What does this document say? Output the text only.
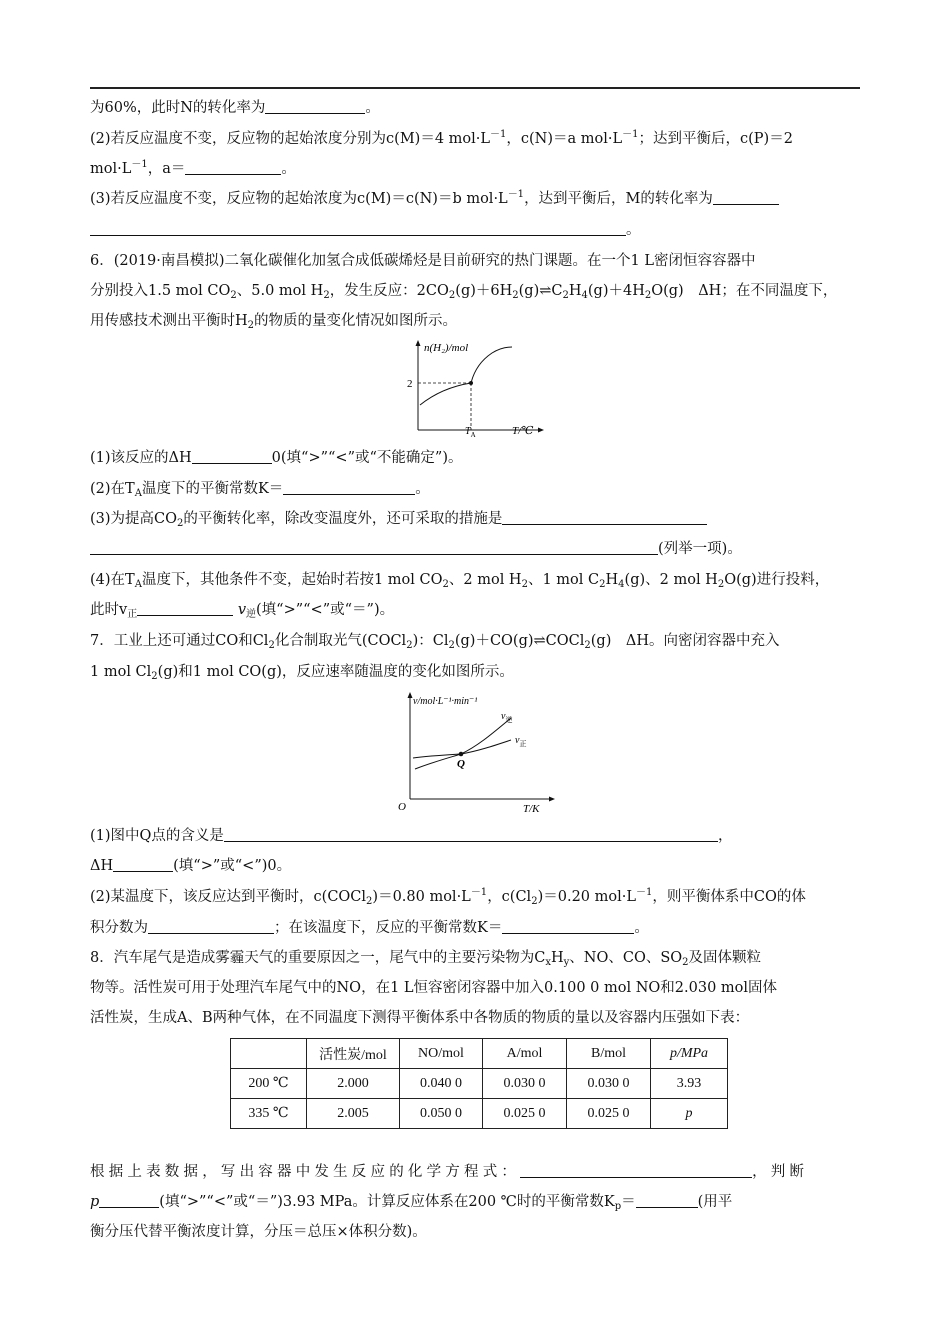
为60%，此时N的转化率为	。
(2)若反应温度不变，反应物的起始浓度分别为c(M)＝4 $mol\cdot L^{-1}$，c(N)＝a $mol\cdot L^{-1}$；达到平衡后，c(P)＝2
$mol\cdot L^{-1}$，a＝	。
(3)若反应温度不变，反应物的起始浓度为c(M)＝c(N)＝b $mol\cdot L^{-1}$，达到平衡后，M的转化率为
。
6．(2019·南昌模拟)二氧化碳催化加氢合成低碳烯烃是目前研究的热门课题。在一个1 L密闭恒容容器中
分别投入1.5 mol $CO_2$、5.0 mol $H_2$，发生反应：$2CO_2(g)+6H_2(g)\rightleftharpoons C_2H_4(g)+4H_2O(g)$　ΔH；在不同温度下，
用传感技术测出平衡时$H_2$的物质的量变化情况如图所示。
n(H₂)/mol
2
$T_A$	T/℃
(1)该反应的ΔH	0(填“>”“<”或“不能确定”)。
(2)在$T_A$温度下的平衡常数K＝	。
(3)为提高$CO_2$的平衡转化率，除改变温度外，还可采取的措施是
(列举一项)。
(4)在$T_A$温度下，其他条件不变，起始时若按1 mol $CO_2$、2 mol $H_2$、1 mol $C_2H_4(g)$、2 mol $H_2O(g)$进行投料，
此时$v_正$	$v_逆$(填“>”“<”或“＝”)。
7．工业上还可通过CO和$Cl_2$化合制取光气(COCl$_2$)：$Cl_2(g)+CO(g)\rightleftharpoons COCl_2(g)$　ΔH。向密闭容器中充入
1 mol $Cl_2(g)$和1 mol CO(g)，反应速率随温度的变化如图所示。
v/mol·L⁻¹·min⁻¹
O	T/K
Q
$v_逆$
$v_正$
(1)图中Q点的含义是	，
ΔH	(填“>”或“<”)0。
(2)某温度下，该反应达到平衡时，c(COCl$_2$)＝0.80 $mol\cdot L^{-1}$，$c(Cl_2)=0.20$ $mol\cdot L^{-1}$，则平衡体系中CO的体
积分数为	；在该温度下，反应的平衡常数K＝	。
8．汽车尾气是造成雾霾天气的重要原因之一，尾气中的主要污染物为$C_xH_y$、NO、CO、$SO_2$及固体颗粒
物等。活性炭可用于处理汽车尾气中的NO，在1 L恒容密闭容器中加入0.100 0 mol NO和2.030 mol固体
活性炭，生成A、B两种气体，在不同温度下测得平衡体系中各物质的物质的量以及容器内压强如下表：
	活性炭/mol	NO/mol	A/mol	B/mol	p/MPa
200 ℃	2.000	0.040 0	0.030 0	0.030 0	3.93
335 ℃	2.005	0.050 0	0.025 0	0.025 0	p
根据上表数据，写出容器中发生反应的化学方程式：	，判断
p	(填“>”“<”或“＝”)3.93 MPa。计算反应体系在200 ℃时的平衡常数$K_p=$	(用平
衡分压代替平衡浓度计算，分压＝总压×体积分数)。
